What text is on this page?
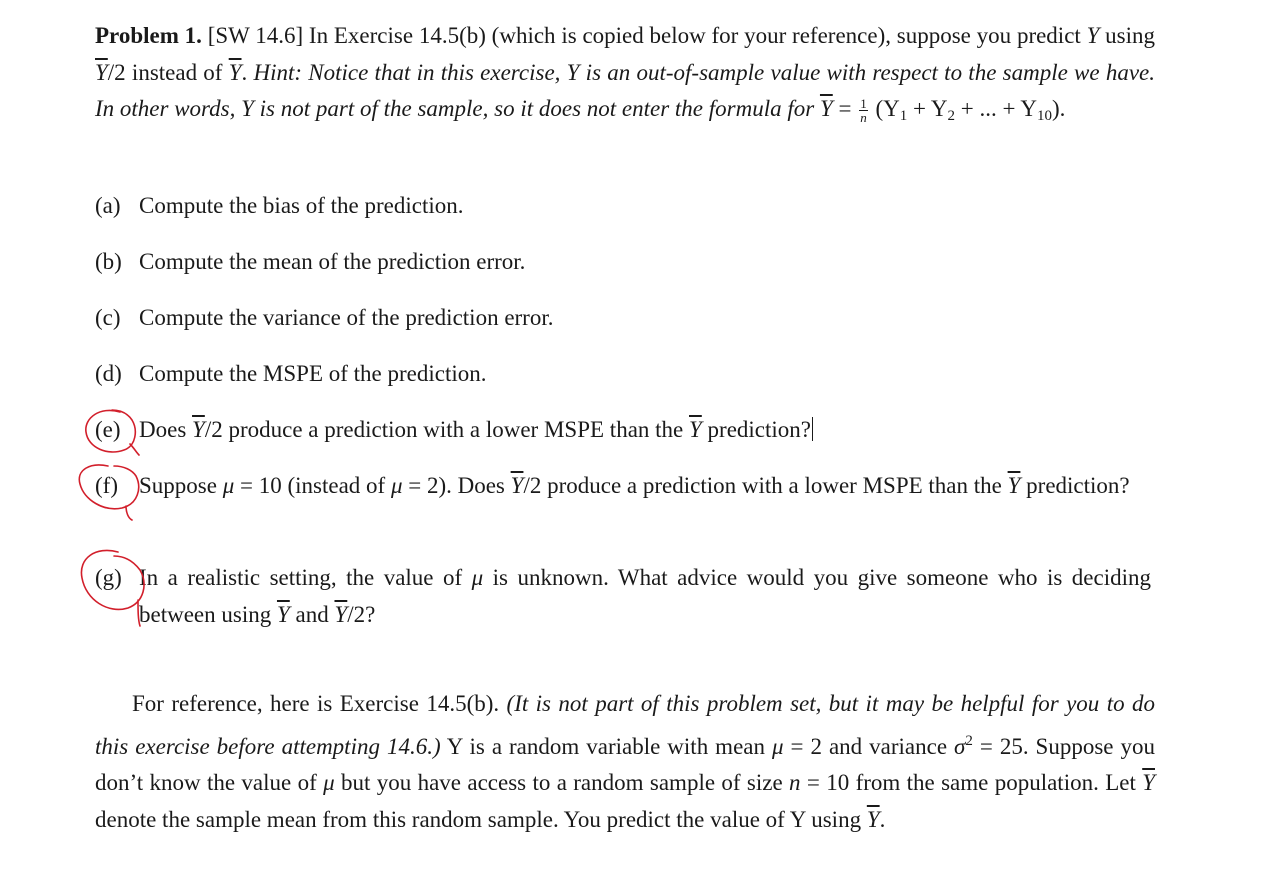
Problem 1. [SW 14.6] In Exercise 14.5(b) (which is copied below for your reference), suppose you predict Y using $\overline{Y}/2$ instead of $\overline{Y}$. Hint: Notice that in this exercise, Y is an out-of-sample value with respect to the sample we have. In other words, Y is not part of the sample, so it does not enter the formula for $\overline{Y} = \frac{1}{n} (Y_1 + Y_2$ + ... + $Y_{10}$).

(a) Compute the bias of the prediction.
(b) Compute the mean of the prediction error.
(c) Compute the variance of the prediction error.
(d) Compute the MSPE of the prediction.
(e) Does $\overline{Y}/2$ produce a prediction with a lower MSPE than the $\overline{Y}$ prediction?
(f) Suppose μ = 10 (instead of μ = 2). Does $\overline{Y}/2$ produce a prediction with a lower MSPE than the $\overline{Y}$ prediction?
(g) In a realistic setting, the value of μ is unknown. What advice would you give someone who is deciding between using $\overline{Y}$ and $\overline{Y}/2$?

For reference, here is Exercise 14.5(b). (It is not part of this problem set, but it may be helpful for you to do this exercise before attempting 14.6.) Y is a random variable with mean μ = 2 and variance $\sigma^2 = 25$. Suppose you don’t know the value of μ but you have access to a random sample of size n = 10 from the same population. Let $\overline{Y}$ denote the sample mean from this random sample. You predict the value of Y using $\overline{Y}$.
